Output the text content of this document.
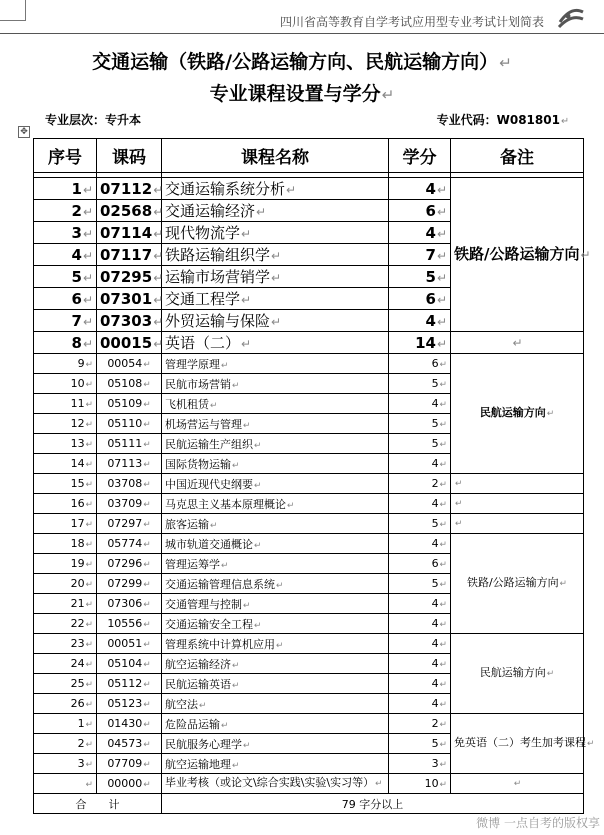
四川省高等教育自学考试应用型专业考试计划简表
交通运输（铁路/公路运输方向、民航运输方向）↵
专业课程设置与学分↵
专业层次：专升本	专业代码：W081801↵
✥
序号	课码	课程名称	学分	备注

1↵	07112↵	交通运输系统分析↵	4↵	铁路/公路运输方向↵
2↵	02568↵	交通运输经济↵	6↵	
3↵	07114↵	现代物流学↵	4↵	
4↵	07117↵	铁路运输组织学↵	7↵	
5↵	07295↵	运输市场营销学↵	5↵	
6↵	07301↵	交通工程学↵	6↵	
7↵	07303↵	外贸运输与保险↵	4↵	
8↵	00015↵	英语（二）↵	14↵	↵
9↵	00054↵	管理学原理↵	6↵	民航运输方向↵
10↵	05108↵	民航市场营销↵	5↵	
11↵	05109↵	飞机租赁↵	4↵	
12↵	05110↵	机场营运与管理↵	5↵	
13↵	05111↵	民航运输生产组织↵	5↵	
14↵	07113↵	国际货物运输↵	4↵	
15↵	03708↵	中国近现代史纲要↵	2↵	↵
16↵	03709↵	马克思主义基本原理概论↵	4↵	↵
17↵	07297↵	旅客运输↵	5↵	↵
18↵	05774↵	城市轨道交通概论↵	4↵	铁路/公路运输方向↵
19↵	07296↵	管理运筹学↵	6↵	
20↵	07299↵	交通运输管理信息系统↵	5↵	
21↵	07306↵	交通管理与控制↵	4↵	
22↵	10556↵	交通运输安全工程↵	4↵	
23↵	00051↵	管理系统中计算机应用↵	4↵	民航运输方向↵
24↵	05104↵	航空运输经济↵	4↵	
25↵	05112↵	民航运输英语↵	4↵	
26↵	05123↵	航空法↵	4↵	
1↵	01430↵	危险品运输↵	2↵	免英语（二）考生加考课程↵
2↵	04573↵	民航服务心理学↵	5↵	
3↵	07709↵	航空运输地理↵	3↵	
↵	00000↵	毕业考核（或论文\综合实践\实验\实习等）↵	10↵	↵
合　　计		79 字分以上		
微博 一点自考的版权享
